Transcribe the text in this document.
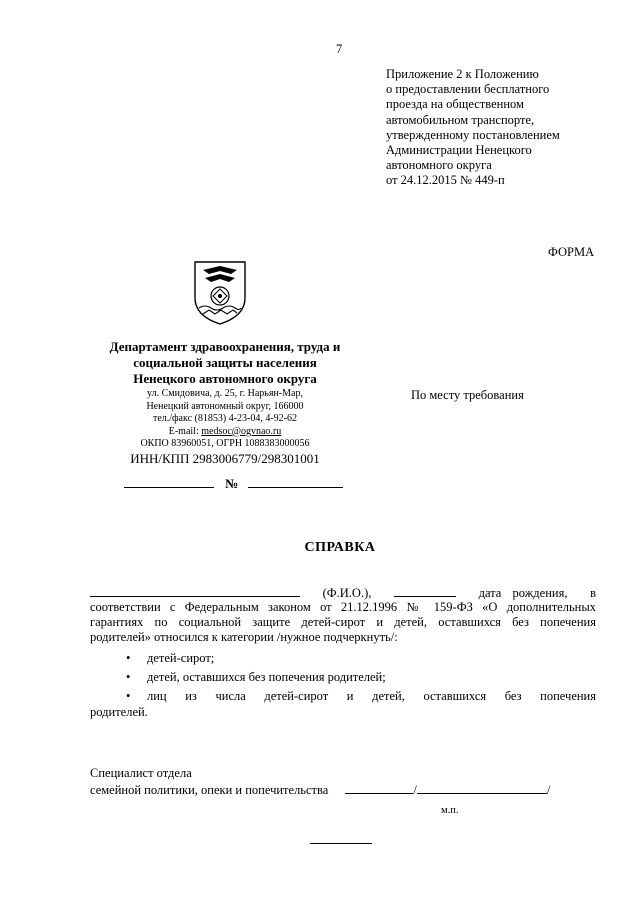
7
Приложение 2 к Положению
о предоставлении бесплатного
проезда на общественном
автомобильном транспорте,
утвержденному постановлением
Администрации Ненецкого
автономного округа
от 24.12.2015 № 449-п
ФОРМА
Департамент здравоохранения, труда и
социальной защиты населения
Ненецкого автономного округа
ул. Смидовича, д. 25, г. Нарьян-Мар,
Ненецкий автономный округ, 166000
тел./факс (81853) 4-23-04, 4-92-62
E-mail: medsoc@ogvnao.ru
ОКПО 83960051, ОГРН 1088383000056
ИНН/КПП 2983006779/298301001
№
По месту требования
СПРАВКА
(Ф.И.О.),	дата рождения, в
соответствии с Федеральным законом от 21.12.1996 № 159-ФЗ «О дополнительных
гарантиях по социальной защите детей-сирот и детей, оставшихся без попечения
родителей» относился к категории /нужное подчеркнуть/:
• детей-сирот;
• детей, оставшихся без попечения родителей;
• лиц из числа детей-сирот и детей, оставшихся без попечения
родителей.
Специалист отдела
семейной политики, опеки и попечительства	/	/
м.п.
